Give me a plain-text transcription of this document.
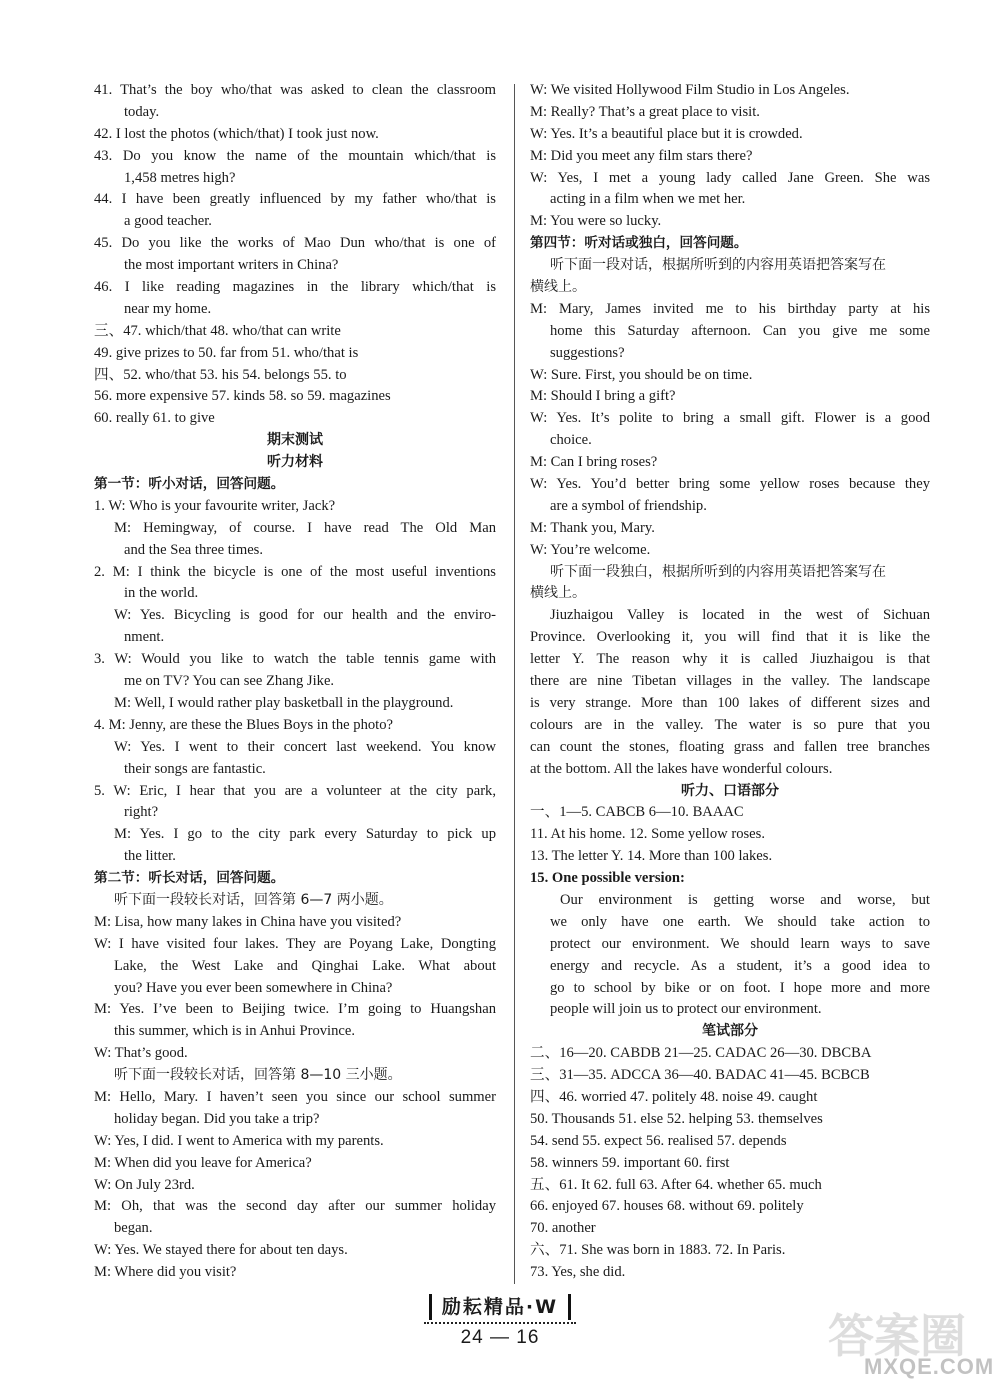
41. That’s the boy who/that was asked to clean the classroom
today.
42. I lost the photos (which/that) I took just now.
43. Do you know the name of the mountain which/that is
1,458 metres high?
44. I have been greatly influenced by my father who/that is
a good teacher.
45. Do you like the works of Mao Dun who/that is one of
the most important writers in China?
46. I like reading magazines in the library which/that is
near my home.
三、47. which/that 48. who/that can write
49. give prizes to 50. far from 51. who/that is
四、52. who/that 53. his 54. belongs 55. to
56. more expensive 57. kinds 58. so 59. magazines
60. really 61. to give
期末测试
听力材料
第一节：听小对话，回答问题。
1. W: Who is your favourite writer, Jack?
M: Hemingway, of course. I have read The Old Man
and the Sea three times.
2. M: I think the bicycle is one of the most useful inventions
in the world.
W: Yes. Bicycling is good for our health and the enviro-
nment.
3. W: Would you like to watch the table tennis game with
me on TV? You can see Zhang Jike.
M: Well, I would rather play basketball in the playground.
4. M: Jenny, are these the Blues Boys in the photo?
W: Yes. I went to their concert last weekend. You know
their songs are fantastic.
5. W: Eric, I hear that you are a volunteer at the city park,
right?
M: Yes. I go to the city park every Saturday to pick up
the litter.
第二节：听长对话，回答问题。
听下面一段较长对话，回答第 6—7 两小题。
M: Lisa, how many lakes in China have you visited?
W: I have visited four lakes. They are Poyang Lake, Dongting
Lake, the West Lake and Qinghai Lake. What about
you? Have you ever been somewhere in China?
M: Yes. I’ve been to Beijing twice. I’m going to Huangshan
this summer, which is in Anhui Province.
W: That’s good.
听下面一段较长对话，回答第 8—10 三小题。
M: Hello, Mary. I haven’t seen you since our school summer
holiday began. Did you take a trip?
W: Yes, I did. I went to America with my parents.
M: When did you leave for America?
W: On July 23rd.
M: Oh, that was the second day after our summer holiday
began.
W: Yes. We stayed there for about ten days.
M: Where did you visit?
W: We visited Hollywood Film Studio in Los Angeles.
M: Really? That’s a great place to visit.
W: Yes. It’s a beautiful place but it is crowded.
M: Did you meet any film stars there?
W: Yes, I met a young lady called Jane Green. She was
acting in a film when we met her.
M: You were so lucky.
第四节：听对话或独白，回答问题。
听下面一段对话，根据所听到的内容用英语把答案写在
横线上。
M: Mary, James invited me to his birthday party at his
home this Saturday afternoon. Can you give me some
suggestions?
W: Sure. First, you should be on time.
M: Should I bring a gift?
W: Yes. It’s polite to bring a small gift. Flower is a good
choice.
M: Can I bring roses?
W: Yes. You’d better bring some yellow roses because they
are a symbol of friendship.
M: Thank you, Mary.
W: You’re welcome.
听下面一段独白，根据所听到的内容用英语把答案写在
横线上。
Jiuzhaigou Valley is located in the west of Sichuan
Province. Overlooking it, you will find that it is like the
letter Y. The reason why it is called Jiuzhaigou is that
there are nine Tibetan villages in the valley. The landscape
is very strange. More than 100 lakes of different sizes and
colours are in the valley. The water is so pure that you
can count the stones, floating grass and fallen tree branches
at the bottom. All the lakes have wonderful colours.
听力、口语部分
一、1—5. CABCB 6—10. BAAAC
11. At his home. 12. Some yellow roses.
13. The letter Y. 14. More than 100 lakes.
15. One possible version:
Our environment is getting worse and worse, but
we only have one earth. We should take action to
protect our environment. We should learn ways to save
energy and recycle. As a student, it’s a good idea to
go to school by bike or on foot. I hope more and more
people will join us to protect our environment.
笔试部分
二、16—20. CABDB 21—25. CADAC 26—30. DBCBA
三、31—35. ADCCA 36—40. BADAC 41—45. BCBCB
四、46. worried 47. politely 48. noise 49. caught
50. Thousands 51. else 52. helping 53. themselves
54. send 55. expect 56. realised 57. depends
58. winners 59. important 60. first
五、61. It 62. full 63. After 64. whether 65. much
66. enjoyed 67. houses 68. without 69. politely
70. another
六、71. She was born in 1883. 72. In Paris.
73. Yes, she did.
励耘精品·W
24 — 16	答案圈
MXQE.COM
